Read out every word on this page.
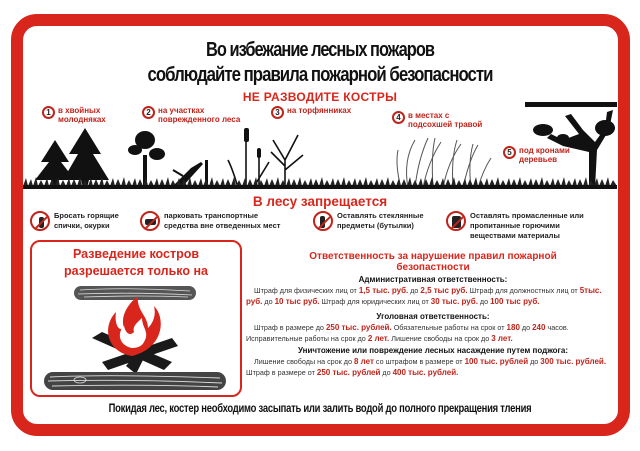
Во избежание лесных пожаров
соблюдайте правила пожарной безопасности
НЕ РАЗВОДИТЕ КОСТРЫ
1 в хвойных
молодняках
2 на участках
поврежденного леса
3 на торфянниках
4 в местах с
подсохшей травой
5 под кронами
деревьев
В лесу запрещается
Бросать горящие
спички, окурки
парковать транспортные
средства вне отведенных мест
Оставлять стеклянные
предметы (бутылки)
Оставлять промасленные или
пропитанные горючими
веществами материалы
Разведение костров
разрешается только на
Ответственность за нарушение правил пожарной
безопастности
Административная ответственность:
Штраф для физических лиц от 1,5 тыс. руб. до 2,5 тыс руб. Штраф для должностных лиц от 5тыс. руб. до 10 тыс руб. Штраф для юридических лиц от 30 тыс. руб. до 100 тыс руб.
Уголовная ответственность:
Штраф в размере до 250 тыс. рублей. Обязательные работы на срок от 180 до 240 часов. Исправительные работы на срок до 2 лет. Лишение свободы на срок до 3 лет.
Уничтожение или повреждение лесных насаждение путем поджога:
Лишение свободы на срок до 8 лет со штрафом в размере от 100 тыс. рублей до 300 тыс. рублей. Штраф в размере от 250 тыс. рублей до 400 тыс. рублей.
Покидая лес, костер необходимо засыпать или залить водой до полного прекращения тления
